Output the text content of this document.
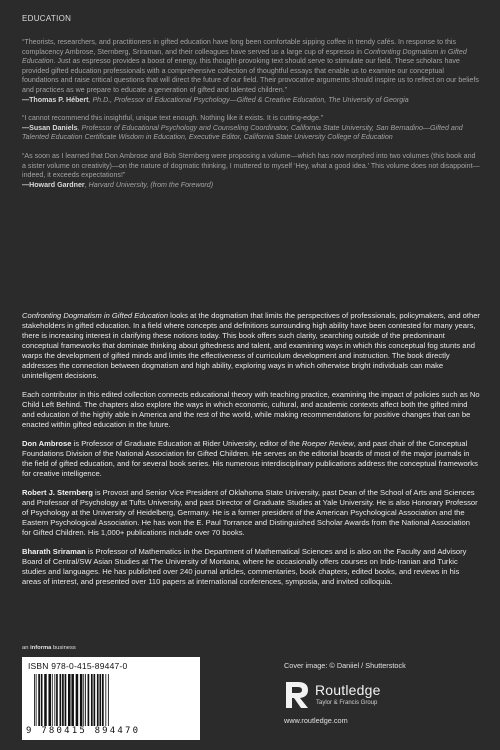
EDUCATION

“Theorists, researchers, and practitioners in gifted education have long been comfortable sipping coffee in trendy cafés. In response to this complacency Ambrose, Sternberg, Sriraman, and their colleagues have served us a large cup of espresso in Confronting Dogmatism in Gifted Education. Just as espresso provides a boost of energy, this thought-provoking text should serve to stimulate our field. These scholars have provided gifted education professionals with a comprehensive collection of thoughtful essays that enable us to examine our conceptual foundations and raise critical questions that will direct the future of our field. Their provocative arguments should inspire us to reflect on our beliefs and practices as we prepare to educate a generation of gifted and talented children.”
—Thomas P. Hébert, Ph.D., Professor of Educational Psychology—Gifted & Creative Education, The University of Georgia

“I cannot recommend this insightful, unique text enough. Nothing like it exists. It is cutting-edge.”
—Susan Daniels, Professor of Educational Psychology and Counseling Coordinator, California State University, San Bernadino—Gifted and Talented Education Certificate Wisdom in Education, Executive Editor, California State University College of Education

“As soon as I learned that Don Ambrose and Bob Sternberg were proposing a volume—which has now morphed into two volumes (this book and a sister volume on creativity)—on the nature of dogmatic thinking, I muttered to myself ‘Hey, what a good idea.’ This volume does not disappoint—indeed, it exceeds expectations!”
—Howard Gardner, Harvard University, (from the Foreword)

Confronting Dogmatism in Gifted Education looks at the dogmatism that limits the perspectives of professionals, policymakers, and other stakeholders in gifted education. In a field where concepts and definitions surrounding high ability have been contested for many years, there is increasing interest in clarifying these notions today. This book offers such clarity, searching outside of the predominant conceptual frameworks that dominate thinking about giftedness and talent, and examining ways in which this conceptual fog stunts and warps the development of gifted minds and limits the effectiveness of curriculum development and instruction. The book directly addresses the connection between dogmatism and high ability, exploring ways in which otherwise bright individuals can make unintelligent decisions.

Each contributor in this edited collection connects educational theory with teaching practice, examining the impact of policies such as No Child Left Behind. The chapters also explore the ways in which economic, cultural, and academic contexts affect both the gifted mind and education of the highly able in America and the rest of the world, while making recommendations for positive changes that can be enacted within gifted education in the future.

Don Ambrose is Professor of Graduate Education at Rider University, editor of the Roeper Review, and past chair of the Conceptual Foundations Division of the National Association for Gifted Children. He serves on the editorial boards of most of the major journals in the field of gifted education, and for several book series. His numerous interdisciplinary publications address the conceptual frameworks for creative intelligence.

Robert J. Sternberg is Provost and Senior Vice President of Oklahoma State University, past Dean of the School of Arts and Sciences and Professor of Psychology at Tufts University, and past Director of Graduate Studies at Yale University. He is also Honorary Professor of Psychology at the University of Heidelberg, Germany. He is a former president of the American Psychological Association and the Eastern Psychological Association. He has won the E. Paul Torrance and Distinguished Scholar Awards from the National Association for Gifted Children. His 1,000+ publications include over 70 books.

Bharath Sriraman is Professor of Mathematics in the Department of Mathematical Sciences and is also on the Faculty and Advisory Board of Central/SW Asian Studies at The University of Montana, where he occasionally offers courses on Indo-Iranian and Turkic studies and languages. He has published over 240 journal articles, commentaries, book chapters, edited books, and reviews in his areas of interest, and presented over 110 papers at international conferences, symposia, and invited colloquia.

an informa business
ISBN 978-0-415-89447-0
9 780415 894470
Cover image: © Daniiel / Shutterstock
Routledge
Taylor & Francis Group
www.routledge.com
